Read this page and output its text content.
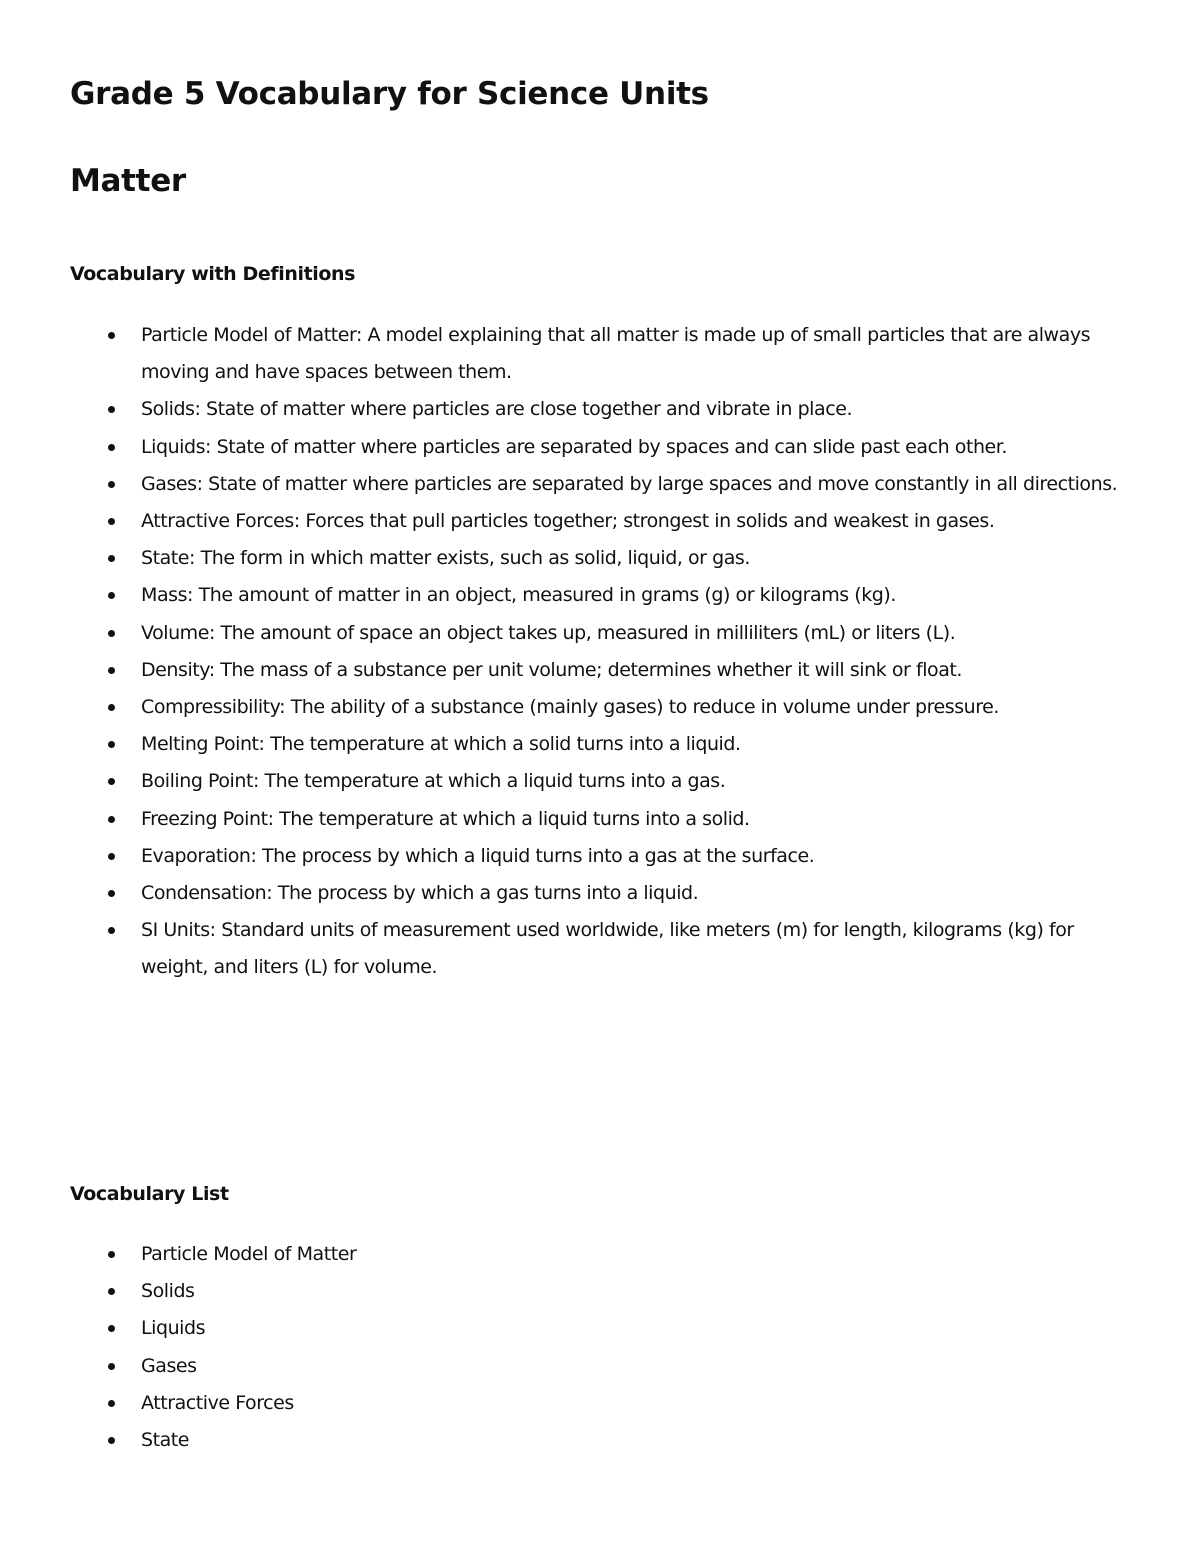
Grade 5 Vocabulary for Science Units
Matter
Vocabulary with Definitions
Particle Model of Matter: A model explaining that all matter is made up of small particles that are always moving and have spaces between them.
Solids: State of matter where particles are close together and vibrate in place.
Liquids: State of matter where particles are separated by spaces and can slide past each other.
Gases: State of matter where particles are separated by large spaces and move constantly in all directions.
Attractive Forces: Forces that pull particles together; strongest in solids and weakest in gases.
State: The form in which matter exists, such as solid, liquid, or gas.
Mass: The amount of matter in an object, measured in grams (g) or kilograms (kg).
Volume: The amount of space an object takes up, measured in milliliters (mL) or liters (L).
Density: The mass of a substance per unit volume; determines whether it will sink or float.
Compressibility: The ability of a substance (mainly gases) to reduce in volume under pressure.
Melting Point: The temperature at which a solid turns into a liquid.
Boiling Point: The temperature at which a liquid turns into a gas.
Freezing Point: The temperature at which a liquid turns into a solid.
Evaporation: The process by which a liquid turns into a gas at the surface.
Condensation: The process by which a gas turns into a liquid.
SI Units: Standard units of measurement used worldwide, like meters (m) for length, kilograms (kg) for weight, and liters (L) for volume.
Vocabulary List
Particle Model of Matter
Solids
Liquids
Gases
Attractive Forces
State
